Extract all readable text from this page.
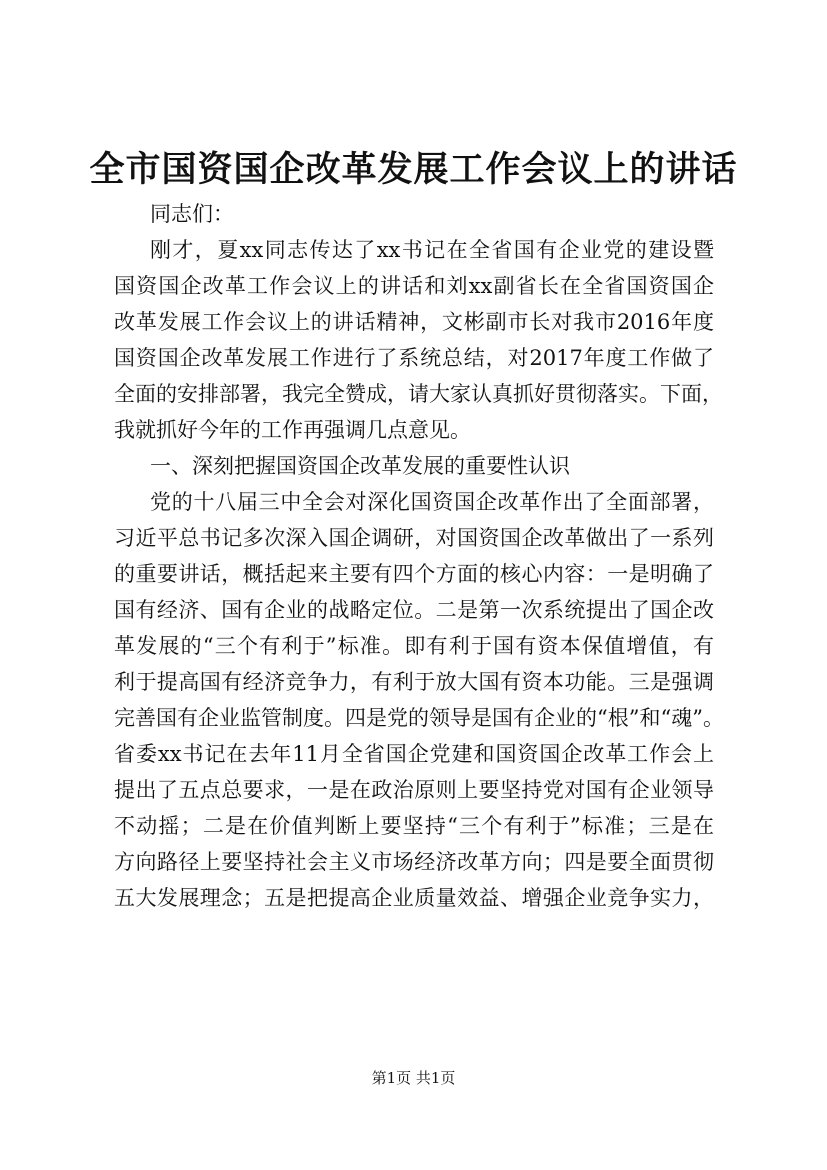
全市国资国企改革发展工作会议上的讲话
同志们：
刚才，夏xx同志传达了xx书记在全省国有企业党的建设暨
国资国企改革工作会议上的讲话和刘xx副省长在全省国资国企
改革发展工作会议上的讲话精神，文彬副市长对我市2016年度
国资国企改革发展工作进行了系统总结，对2017年度工作做了
全面的安排部署，我完全赞成，请大家认真抓好贯彻落实。下面，
我就抓好今年的工作再强调几点意见。
一、深刻把握国资国企改革发展的重要性认识
党的十八届三中全会对深化国资国企改革作出了全面部署，
习近平总书记多次深入国企调研，对国资国企改革做出了一系列
的重要讲话，概括起来主要有四个方面的核心内容：一是明确了
国有经济、国有企业的战略定位。二是第一次系统提出了国企改
革发展的“三个有利于”标准。即有利于国有资本保值增值，有
利于提高国有经济竞争力，有利于放大国有资本功能。三是强调
完善国有企业监管制度。四是党的领导是国有企业的“根”和“魂”。
省委xx书记在去年11月全省国企党建和国资国企改革工作会上
提出了五点总要求，一是在政治原则上要坚持党对国有企业领导
不动摇；二是在价值判断上要坚持“三个有利于”标准；三是在
方向路径上要坚持社会主义市场经济改革方向；四是要全面贯彻
五大发展理念；五是把提高企业质量效益、增强企业竞争实力，
第1页 共1页
